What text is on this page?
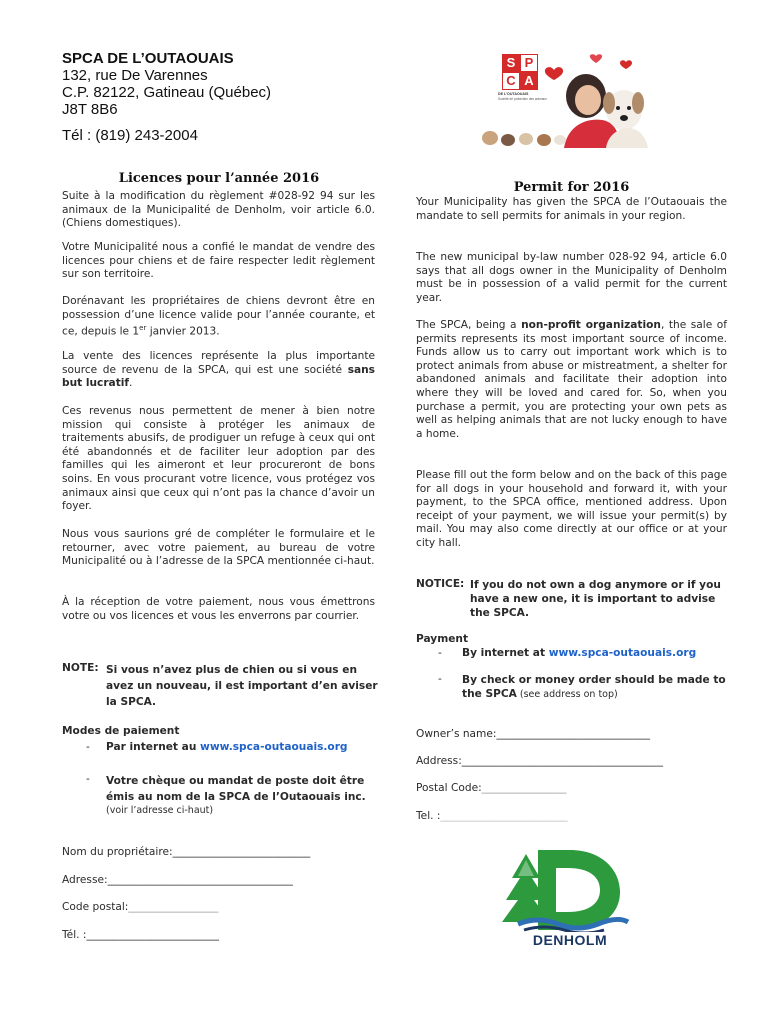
SPCA DE L’OUTAOUAIS
132, rue De Varennes
C.P. 82122, Gatineau (Québec)
J8T 8B6
Tél : (819) 243-2004
S P
C A
DE L'OUTAOUAIS
Société de protection des animaux
Licences pour l’année 2016
Suite à la modification du règlement #028-92 94 sur les animaux de la Municipalité de Denholm, voir article 6.0. (Chiens domestiques).
Votre Municipalité nous a confié le mandat de vendre des licences pour chiens et de faire respecter ledit règlement sur son territoire.
Dorénavant les propriétaires de chiens devront être en possession d’une licence valide pour l’année courante, et ce, depuis le 1er janvier 2013.
La vente des licences représente la plus importante source de revenu de la SPCA, qui est une société sans but lucratif.
Ces revenus nous permettent de mener à bien notre mission qui consiste à protéger les animaux de traitements abusifs, de prodiguer un refuge à ceux qui ont été abandonnés et de faciliter leur adoption par des familles qui les aimeront et leur procureront de bons soins. En vous procurant votre licence, vous protégez vos animaux ainsi que ceux qui n’ont pas la chance d’avoir un foyer.
Nous vous saurions gré de compléter le formulaire et le retourner, avec votre paiement, au bureau de votre Municipalité ou à l’adresse de la SPCA mentionnée ci-haut.
À la réception de votre paiement, nous vous émettrons votre ou vos licences et vous les enverrons par courrier.
NOTE: Si vous n’avez plus de chien ou si vous en
avez un nouveau, il est important d’en aviser
la SPCA.
Modes de paiement
- Par internet au www.spca-outaouais.org
- Votre chèque ou mandat de poste doit être
émis au nom de la SPCA de l’Outaouais inc.
(voir l’adresse ci-haut)
Nom du propriétaire:__________________________
Adresse:___________________________________
Code postal:_________________
Tél. :_________________________
Permit for 2016
Your Municipality has given the SPCA de l’Outaouais the mandate to sell permits for animals in your region.
The new municipal by-law number 028-92 94, article 6.0 says that all dogs owner in the Municipality of Denholm must be in possession of a valid permit for the current year.
The SPCA, being a non-profit organization, the sale of permits represents its most important source of income. Funds allow us to carry out important work which is to protect animals from abuse or mistreatment, a shelter for abandoned animals and facilitate their adoption into where they will be loved and cared for. So, when you purchase a permit, you are protecting your own pets as well as helping animals that are not lucky enough to have a home.
Please fill out the form below and on the back of this page for all dogs in your household and forward it, with your payment, to the SPCA office, mentioned address. Upon receipt of your payment, we will issue your permit(s) by mail. You may also come directly at our office or at your city hall.
NOTICE: If you do not own a dog anymore or if you
have a new one, it is important to advise
the SPCA.
Payment
- By internet at www.spca-outaouais.org
- By check or money order should be made to
the SPCA (see address on top)
Owner’s name:_____________________________
Address:______________________________________
Postal Code:________________
Tel. :________________________
DENHOLM
